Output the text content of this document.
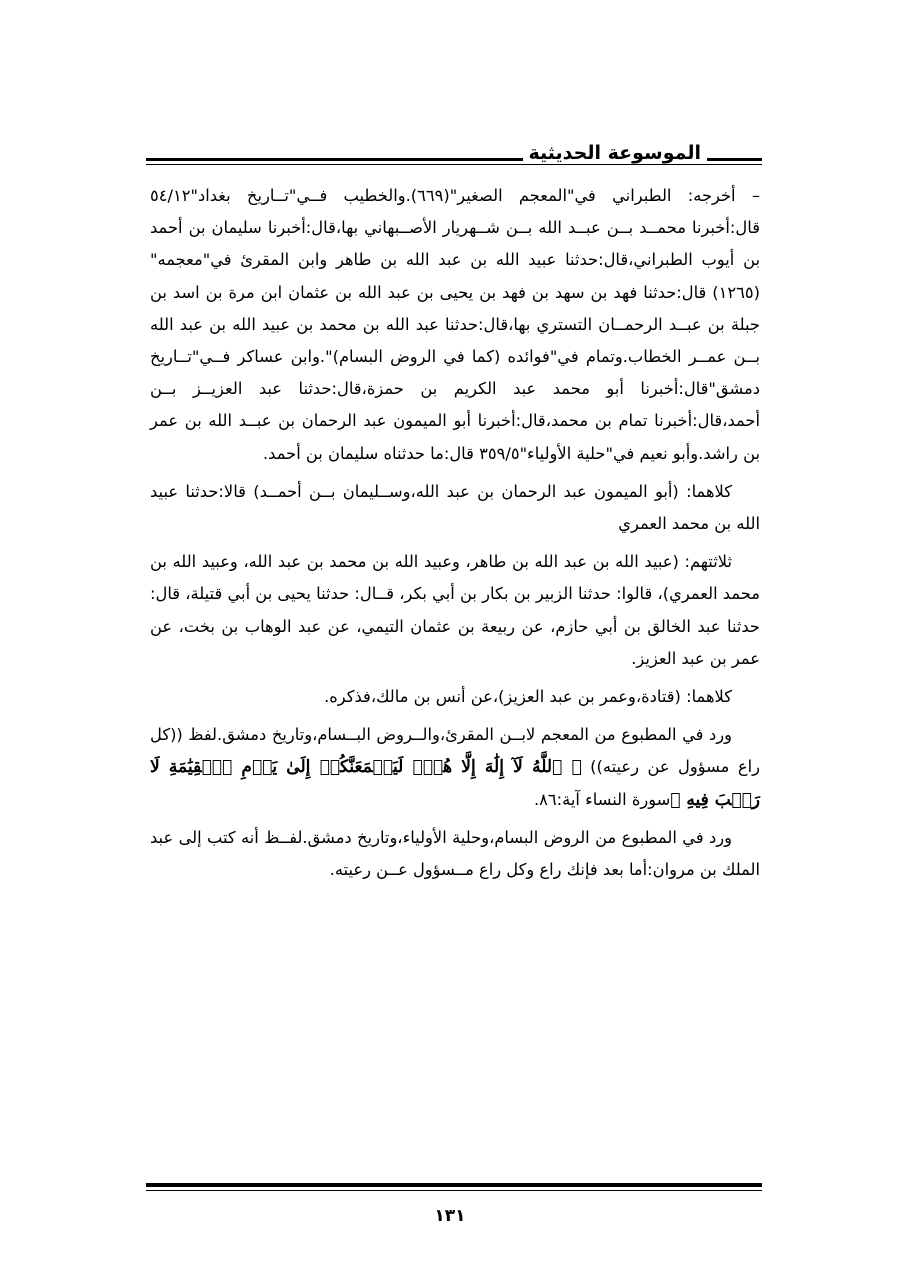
الموسوعة الحديثية

– أخرجه: الطبراني في"المعجم الصغير"(٦٦٩).والخطيب فــي"تــاريخ بغداد"٥٤/١٢ قال:أخبرنا محمــد بــن عبــد الله بــن شــهريار الأصــبهاني بها،قال:أخبرنا سليمان بن أحمد بن أيوب الطبراني،قال:حدثنا عبيد الله بن عبد الله بن طاهر وابن المقرئ في"معجمه"(١٢٦٥) قال:حدثنا فهد بن سهد بن فهد بن يحيى بن عبد الله بن عثمان ابن مرة بن اسد بن جبلة بن عبــد الرحمــان التستري بها،قال:حدثنا عبد الله بن محمد بن عبيد الله بن عبد الله بــن عمــر الخطاب.وتمام في"فوائده (كما في الروض البسام)".وابن عساكر فــي"تــاريخ دمشق"قال:أخبرنا أبو محمد عبد الكريم بن حمزة،قال:حدثنا عبد العزيــز بــن أحمد،قال:أخبرنا تمام بن محمد،قال:أخبرنا أبو الميمون عبد الرحمان بن عبــد الله بن عمر بن راشد.وأبو نعيم في"حلية الأولياء"٣٥٩/٥ قال:ما حدثناه سليمان بن أحمد.

كلاهما: (أبو الميمون عبد الرحمان بن عبد الله،وســليمان بــن أحمــد) قالا:حدثنا عبيد الله بن محمد العمري

ثلاثتهم: (عبيد الله بن عبد الله بن طاهر، وعبيد الله بن محمد بن عبد الله، وعبيد الله بن محمد العمري)، قالوا: حدثنا الزبير بن بكار بن أبي بكر، قــال: حدثنا يحيى بن أبي قتيلة، قال: حدثنا عبد الخالق بن أبي حازم، عن ربيعة بن عثمان التيمي، عن عبد الوهاب بن بخت، عن عمر بن عبد العزيز.

كلاهما: (قتادة،وعمر بن عبد العزيز)،عن أنس بن مالك،فذكره.

ورد في المطبوع من المعجم لابــن المقرئ،والــروض البــسام،وتاريخ دمشق.لفظ ((كل راع مسؤول عن رعيته)) ﴿ ٱللَّهُ لَآ إِلَٰهَ إِلَّا هُوَۚ لَيَجۡمَعَنَّكُمۡ إِلَىٰ يَوۡمِ ٱلۡقِيَٰمَةِ لَا رَيۡبَ فِيهِ ﴾سورة النساء آية:٨٦.

ورد في المطبوع من الروض البسام،وحلية الأولياء،وتاريخ دمشق.لفــظ أنه كتب إلى عبد الملك بن مروان:أما بعد فإنك راع وكل راع مــسؤول عــن رعيته.

١٣١
